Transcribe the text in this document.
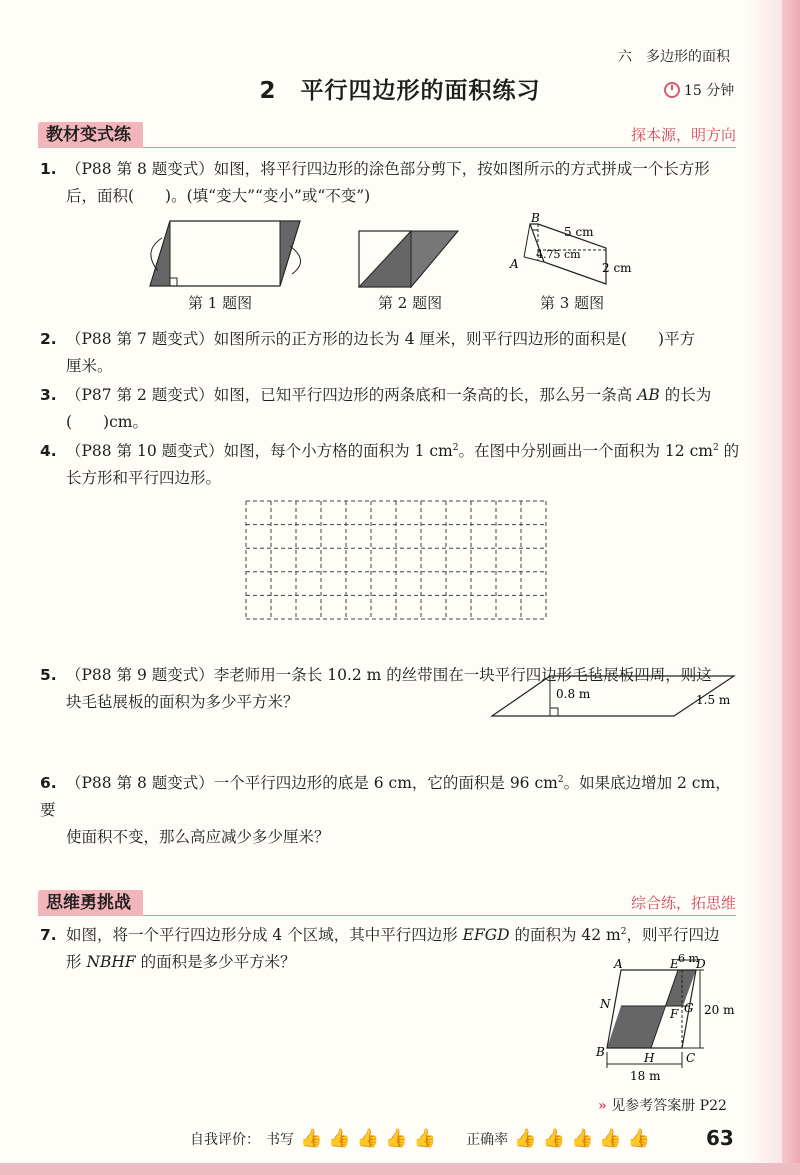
六　多边形的面积
2　平行四边形的面积练习	15 分钟
教材变式练	探本源，明方向
1. （P88 第 8 题变式）如图，将平行四边形的涂色部分剪下，按如图所示的方式拼成一个长方形
后，面积(　　)。(填“变大”“变小”或“不变”)
第 1 题图	第 2 题图
B
A
5 cm
4.75 cm
2 cm
第 3 题图
2. （P88 第 7 题变式）如图所示的正方形的边长为 4 厘米，则平行四边形的面积是(　　)平方
厘米。
3. （P87 第 2 题变式）如图，已知平行四边形的两条底和一条高的长，那么另一条高 AB 的长为
(　　)cm。
4. （P88 第 10 题变式）如图，每个小方格的面积为 1 $cm^2$。在图中分别画出一个面积为 12 $cm^2$ 的
长方形和平行四边形。
5. （P88 第 9 题变式）李老师用一条长 10.2 m 的丝带围在一块平行四边形毛毡展板四周，则这
块毛毡展板的面积为多少平方米？	0.8 m	1.5 m
6. （P88 第 8 题变式）一个平行四边形的底是 6 cm，它的面积是 96 $cm^2$。如果底边增加 2 cm，要
使面积不变，那么高应减少多少厘米？
思维勇挑战	综合练，拓思维
7. 如图，将一个平行四边形分成 4 个区域，其中平行四边形 EFGD 的面积为 42 $m^2$，则平行四边
形 NBHF 的面积是多少平方米？	A	E D
6 m
N
F G 20 m
B	H	C
18 m
» 见参考答案册 P22
自我评价： 书写 👍 👍 👍 👍 👍 正确率 👍 👍 👍 👍 👍	63
